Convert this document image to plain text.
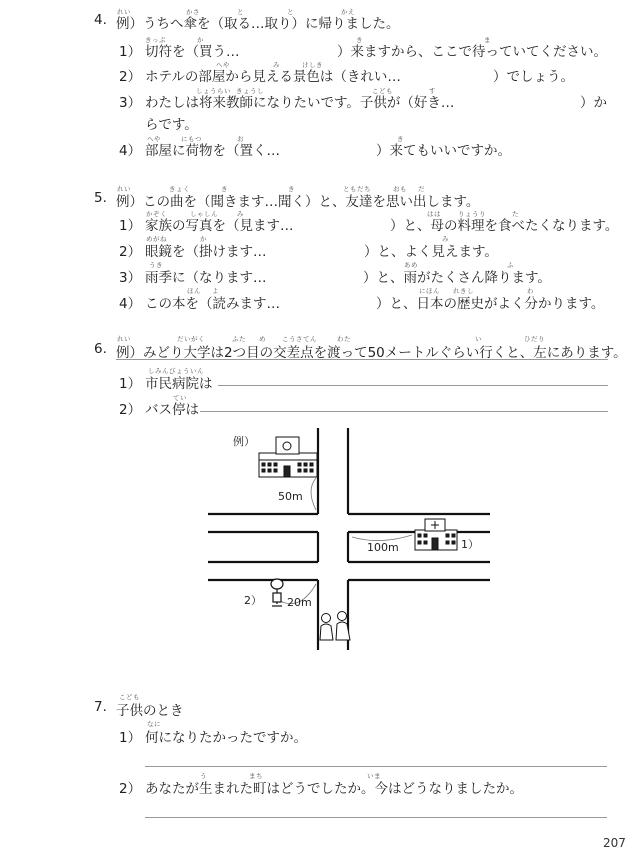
れい	かさ	と	と	かえ
4. 例）うちへ傘を（取る…取り）に帰りました。
きっぷ	か	き	ま
1） 切符を（買う…	）来ますから、ここで待っていてください。
へや	み	けしき
2） ホテルの部屋から見える景色は（きれい…	）でしょう。
しょうらい きょうし	こども	す
3） わたしは将来教師になりたいです。子供が（好き…	）か
らです。
へや	にもつ	お	き
4） 部屋に荷物を（置く…	）来てもいいですか。
れい	きょく	き	き	ともだち	おも だ
5. 例）この曲を（聞きます…聞く）と、友達を思い出します。
かぞく	しゃしん	み	はは	りょうり	た
1） 家族の写真を（見ます…	）と、母の料理を食べたくなります。
めがね	か	み
2） 眼鏡を（掛けます…	）と、よく見えます。
うき	あめ	ふ
3） 雨季に（なります…	）と、雨がたくさん降ります。
ほん よ	にほん れきし	わ
4） この本を（読みます…	）と、日本の歴史がよく分かります。
れい	だいがく	ふた め こうさてん	わた	い	ひだり
6. 例）みどり大学は2つ目の交差点を渡って50メートルぐらい行くと、左にあります。
しみんびょういん
1） 市民病院は
てい
2） バス停は
例）
50m
100m	1）
2） 20m
こども
7. 子供のとき
なに
1） 何になりたかったですか。
う	まち	いま
2） あなたが生まれた町はどうでしたか。今はどうなりましたか。
207
